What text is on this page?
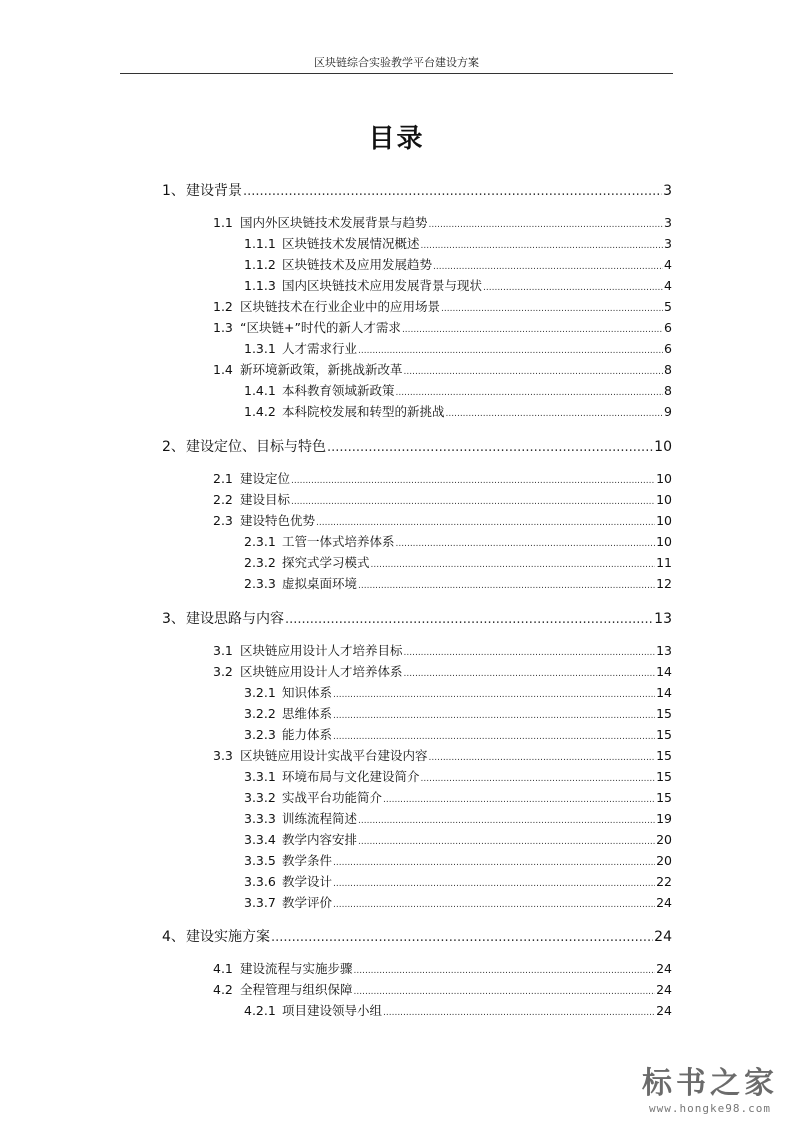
区块链综合实验教学平台建设方案
目录
1、 建设背景 .....	3
1.1 国内外区块链技术发展背景与趋势 .....	3
1.1.1 区块链技术发展情况概述 .....	3
1.1.2 区块链技术及应用发展趋势 .....	4
1.1.3 国内区块链技术应用发展背景与现状 .....	4
1.2 区块链技术在行业企业中的应用场景 .....	5
1.3 “区块链+”时代的新人才需求 .....	6
1.3.1 人才需求行业 .....	6
1.4 新环境新政策，新挑战新改革 .....	8
1.4.1 本科教育领域新政策 .....	8
1.4.2 本科院校发展和转型的新挑战 .....	9
2、 建设定位、目标与特色 .....	10
2.1 建设定位 .....	10
2.2 建设目标 .....	10
2.3 建设特色优势 .....	10
2.3.1 工管一体式培养体系 .....	10
2.3.2 探究式学习模式 .....	11
2.3.3 虚拟桌面环境 .....	12
3、 建设思路与内容 .....	13
3.1 区块链应用设计人才培养目标 .....	13
3.2 区块链应用设计人才培养体系 .....	14
3.2.1 知识体系 .....	14
3.2.2 思维体系 .....	15
3.2.3 能力体系 .....	15
3.3 区块链应用设计实战平台建设内容 .....	15
3.3.1 环境布局与文化建设简介 .....	15
3.3.2 实战平台功能简介 .....	15
3.3.3 训练流程简述 .....	19
3.3.4 教学内容安排 .....	20
3.3.5 教学条件 .....	20
3.3.6 教学设计 .....	22
3.3.7 教学评价 .....	24
4、 建设实施方案 .....	24
4.1 建设流程与实施步骤 .....	24
4.2 全程管理与组织保障 .....	24
4.2.1 项目建设领导小组 .....	24
标书之家
www.hongke98.com
